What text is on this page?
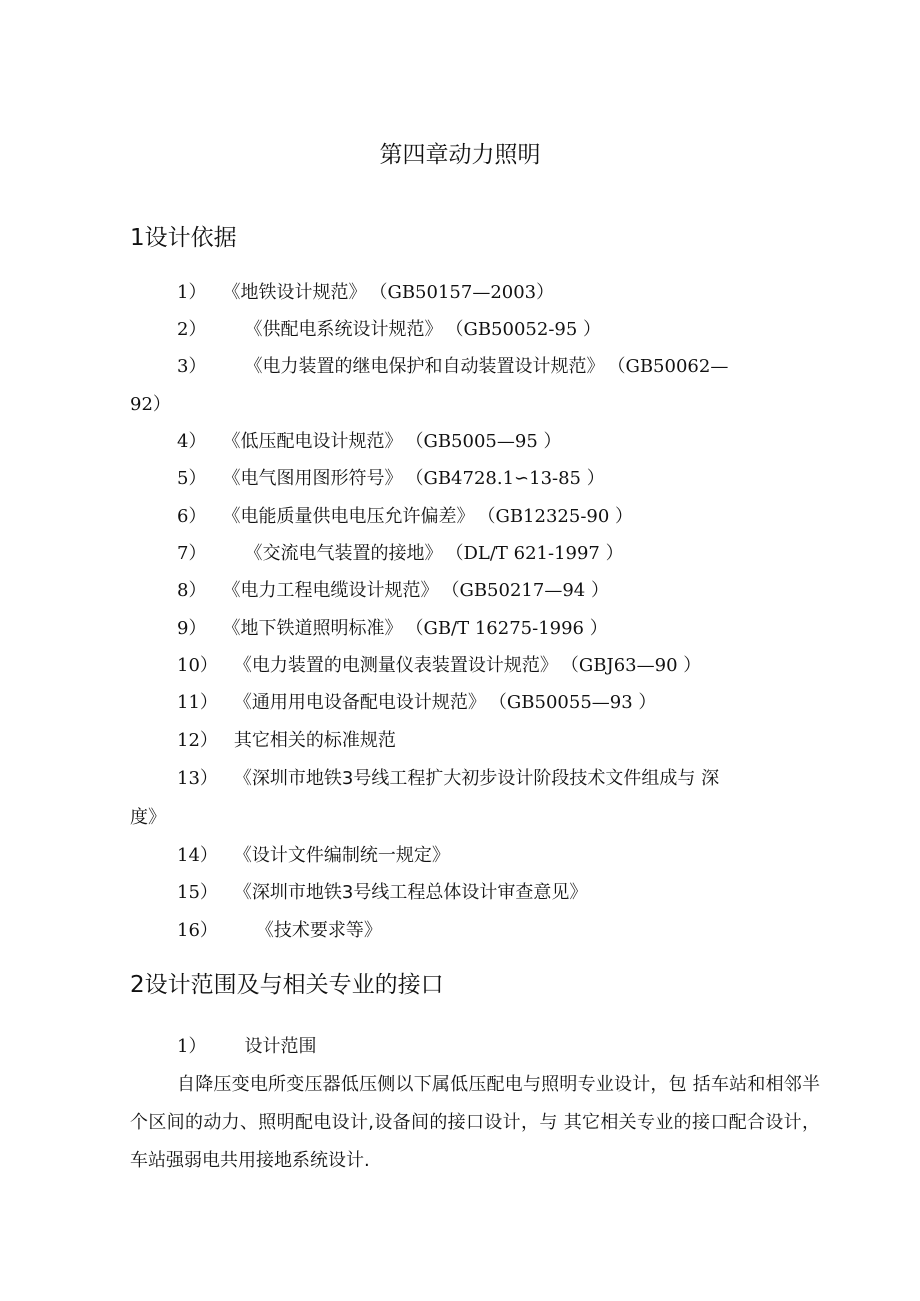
第四章动力照明
1设计依据
1） 《地铁设计规范》 （GB50157—2003）
2） 《供配电系统设计规范》 （GB50052-95 ）
3） 《电力装置的继电保护和自动装置设计规范》 （GB50062—
92）
4） 《低压配电设计规范》 （GB5005—95 ）
5） 《电气图用图形符号》 （GB4728.1∽13-85 ）
6） 《电能质量供电电压允许偏差》 （GB12325-90 ）
7） 《交流电气装置的接地》 （DL/T 621-1997 ）
8） 《电力工程电缆设计规范》 （GB50217—94 ）
9） 《地下铁道照明标准》 （GB/T 16275-1996 ）
10） 《电力装置的电测量仪表装置设计规范》 （GBJ63—90 ）
11） 《通用用电设备配电设计规范》 （GB50055—93 ）
12） 其它相关的标准规范
13） 《深圳市地铁3号线工程扩大初步设计阶段技术文件组成与 深
度》
14） 《设计文件编制统一规定》
15） 《深圳市地铁3号线工程总体设计审查意见》
16） 《技术要求等》
2设计范围及与相关专业的接口
1） 设计范围
自降压变电所变压器低压侧以下属低压配电与照明专业设计，包 括车站和相邻半个区间的动力、照明配电设计,设备间的接口设计，与 其它相关专业的接口配合设计，车站强弱电共用接地系统设计.
